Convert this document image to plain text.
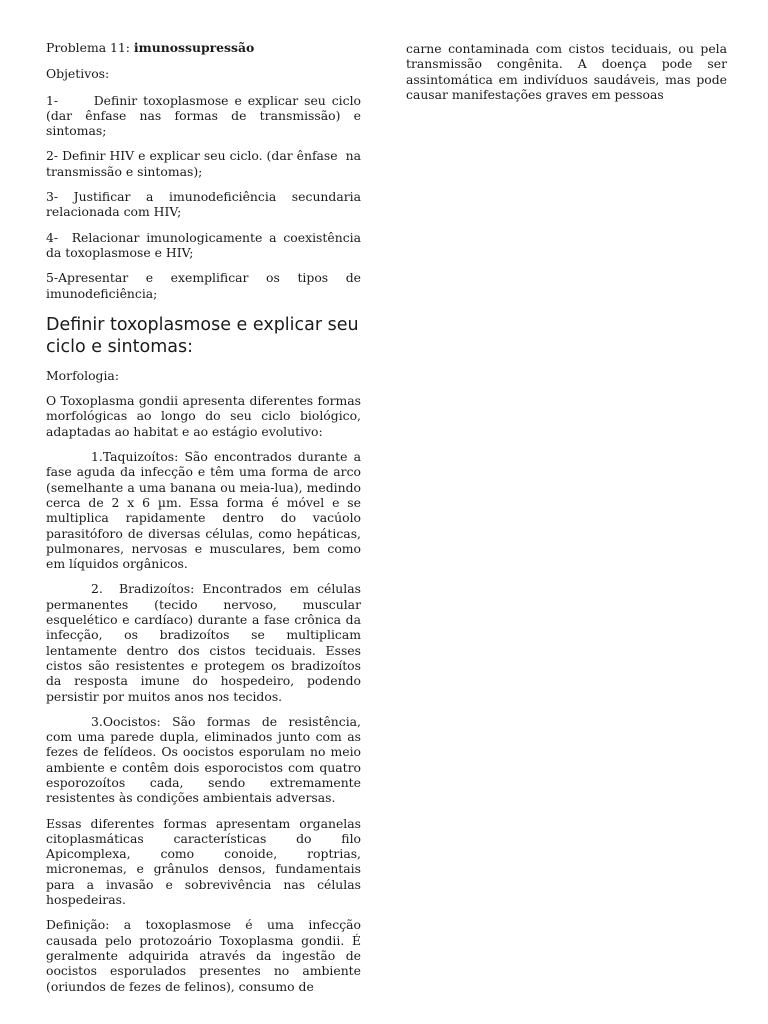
Problema 11: imunossupressão

Objetivos:

1-      Definir toxoplasmose e explicar seu ciclo (dar ênfase nas formas de transmissão) e sintomas;

2- Definir HIV e explicar seu ciclo. (dar ênfase  na transmissão e sintomas);

3- Justificar a imunodeficiência secundaria relacionada com HIV;

4-  Relacionar imunologicamente a coexistência da toxoplasmose e HIV;

5-Apresentar e exemplificar os tipos de imunodeficiência;

Definir toxoplasmose e explicar seu ciclo e sintomas:

Morfologia:

O Toxoplasma gondii apresenta diferentes formas morfológicas ao longo do seu ciclo biológico, adaptadas ao habitat e ao estágio evolutivo:

1.Taquizoítos: São encontrados durante a fase aguda da infecção e têm uma forma de arco (semelhante a uma banana ou meia-lua), medindo cerca de 2 x 6 µm. Essa forma é móvel e se multiplica rapidamente dentro do vacúolo parasitóforo de diversas células, como hepáticas, pulmonares, nervosas e musculares, bem como em líquidos orgânicos.

2.  Bradizoítos: Encontrados em células permanentes (tecido nervoso, muscular esquelético e cardíaco) durante a fase crônica da infecção, os bradizoítos se multiplicam lentamente dentro dos cistos teciduais. Esses cistos são resistentes e protegem os bradizoítos da resposta imune do hospedeiro, podendo persistir por muitos anos nos tecidos.

3.Oocistos: São formas de resistência, com uma parede dupla, eliminados junto com as fezes de felídeos. Os oocistos esporulam no meio ambiente e contêm dois esporocistos com quatro esporozoítos cada, sendo extremamente resistentes às condições ambientais adversas.

Essas diferentes formas apresentam organelas citoplasmáticas características do filo Apicomplexa, como conoide, roptrias, micronemas, e grânulos densos, fundamentais para a invasão e sobrevivência nas células hospedeiras.

Definição: a toxoplasmose é uma infecção causada pelo protozoário Toxoplasma gondii. É geralmente adquirida através da ingestão de oocistos esporulados presentes no ambiente (oriundos de fezes de felinos), consumo de

carne contaminada com cistos teciduais, ou pela transmissão congênita. A doença pode ser assintomática em indivíduos saudáveis, mas pode causar manifestações graves em pessoas
